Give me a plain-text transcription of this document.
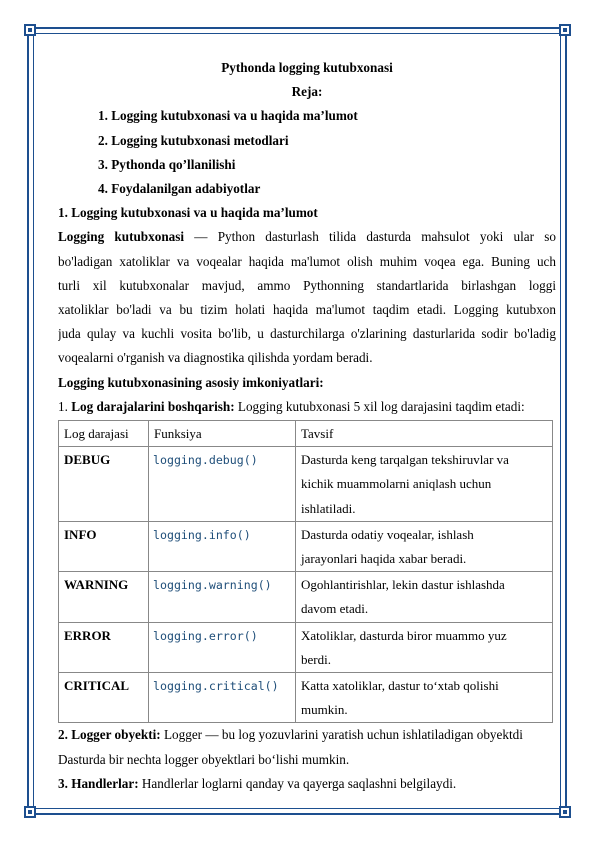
Pythonda logging kutubxonasi
Reja:
1. Logging kutubxonasi va u haqida ma’lumot
2. Logging kutubxonasi metodlari
3. Pythonda qo’llanilishi
4. Foydalanilgan adabiyotlar
1. Logging kutubxonasi va u haqida ma’lumot
Logging kutubxonasi — Python dasturlash tilida dasturda mahsulot yoki ular so
bo'ladigan xatoliklar va voqealar haqida ma'lumot olish muhim voqea ega. Buning uch
turli xil kutubxonalar mavjud, ammo Pythonning standartlarida birlashgan loggi
xatoliklar bo'ladi va bu tizim holati haqida ma'lumot taqdim etadi. Logging kutubxon
juda qulay va kuchli vosita bo'lib, u dasturchilarga o'zlarining dasturlarida sodir bo'ladig
voqealarni o'rganish va diagnostika qilishda yordam beradi.
Logging kutubxonasining asosiy imkoniyatlari:
1. Log darajalarini boshqarish: Logging kutubxonasi 5 xil log darajasini taqdim etadi:
Log darajasi	Funksiya	Tavsif
DEBUG	logging.debug()	Dasturda keng tarqalgan tekshiruvlar va
kichik muammolarni aniqlash uchun
ishlatiladi.

INFO	logging.info()	Dasturda odatiy voqealar, ishlash
jarayonlari haqida xabar beradi.

WARNING	logging.warning()	Ogohlantirishlar, lekin dastur ishlashda
davom etadi.

ERROR	logging.error()	Xatoliklar, dasturda biror muammo yuz
berdi.

CRITICAL	logging.critical()	Katta xatoliklar, dastur to‘xtab qolishi
mumkin.
2. Logger obyekti: Logger — bu log yozuvlarini yaratish uchun ishlatiladigan obyektdi
Dasturda bir nechta logger obyektlari bo‘lishi mumkin.
3. Handlerlar: Handlerlar loglarni qanday va qayerga saqlashni belgilaydi.
